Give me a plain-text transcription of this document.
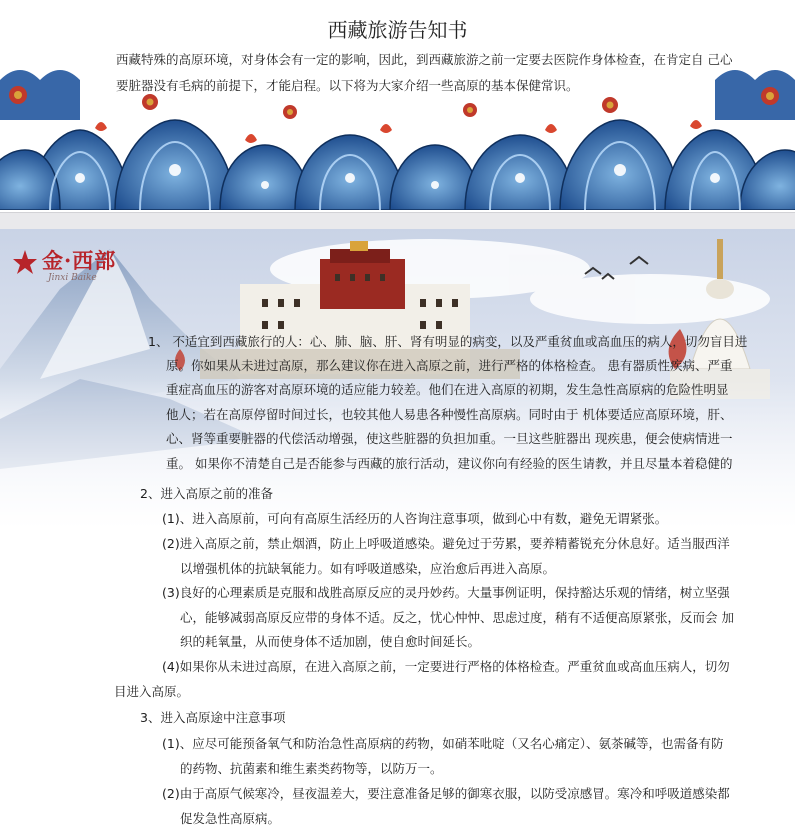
西藏旅游告知书
西藏特殊的高原环境，对身体会有一定的影响，因此，到西藏旅游之前一定要去医院作身体检查，在肯定自 己心
要脏器没有毛病的前提下，才能启程。以下将为大家介绍一些高原的基本保健常识。
金·西部
Jinxi Baike
1、 不适宜到西藏旅行的人：心、肺、脑、肝、肾有明显的病变，以及严重贫血或高血压的病人，切勿盲目进
原。你如果从未进过高原，那么建议你在进入高原之前，进行严格的体格检查。 患有器质性疾病、严重
重症高血压的游客对高原环境的适应能力较差。他们在进入高原的初期，发生急性高原病的危险性明显
他人；若在高原停留时间过长，也较其他人易患各种慢性高原病。同时由于 机体要适应高原环境，肝、
心、肾等重要脏器的代偿活动增强，使这些脏器的负担加重。一旦这些脏器出 现疾患，便会使病情进一
重。 如果你不清楚自己是否能参与西藏的旅行活动，建议你向有经验的医生请教，并且尽量本着稳健的
2、进入高原之前的准备
(1)、进入高原前，可向有高原生活经历的人咨询注意事项，做到心中有数，避免无谓紧张。
(2)进入高原之前，禁止烟酒，防止上呼吸道感染。避免过于劳累，要养精蓄锐充分休息好。适当服西洋
以增强机体的抗缺氧能力。如有呼吸道感染，应治愈后再进入高原。
(3)良好的心理素质是克服和战胜高原反应的灵丹妙药。大量事例证明，保持豁达乐观的情绪，树立坚强
心，能够减弱高原反应带的身体不适。反之，忧心忡忡、思虑过度，稍有不适便高原紧张，反而会 加
织的耗氧量，从而使身体不适加剧，使自愈时间延长。
(4)如果你从未进过高原，在进入高原之前，一定要进行严格的体格检查。严重贫血或高血压病人，切勿
目进入高原。
3、进入高原途中注意事项
(1)、应尽可能预备氧气和防治急性高原病的药物，如硝苯吡啶（又名心痛定）、氨茶碱等，也需备有防
的药物、抗菌素和维生素类药物等，以防万一。
(2)由于高原气候寒冷，昼夜温差大，要注意准备足够的御寒衣服，以防受凉感冒。寒冷和呼吸道感染都
促发急性高原病。
